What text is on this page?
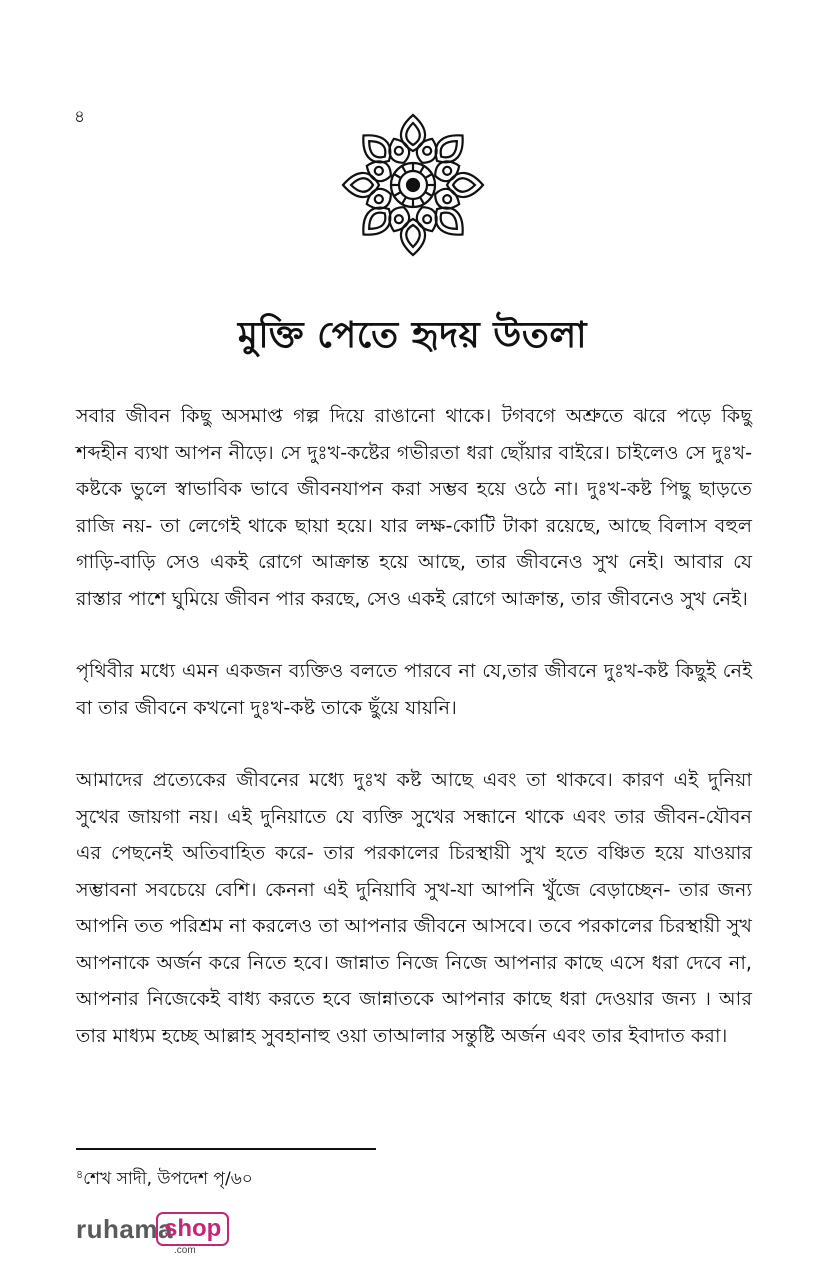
৪
মুক্তি পেতে হৃদয় উতলা

সবার জীবন কিছু অসমাপ্ত গল্প দিয়ে রাঙানো থাকে। টগবগে অশ্রুতে ঝরে পড়ে কিছু শব্দহীন ব্যথা আপন নীড়ে। সে দুঃখ-কষ্টের গভীরতা ধরা ছোঁয়ার বাইরে। চাইলেও সে দুঃখ-কষ্টকে ভুলে স্বাভাবিক ভাবে জীবনযাপন করা সম্ভব হয়ে ওঠে না। দুঃখ-কষ্ট পিছু ছাড়তে রাজি নয়- তা লেগেই থাকে ছায়া হয়ে। যার লক্ষ-কোটি টাকা রয়েছে, আছে বিলাস বহুল গাড়ি-বাড়ি সেও একই রোগে আক্রান্ত হয়ে আছে, তার জীবনেও সুখ নেই। আবার যে রাস্তার পাশে ঘুমিয়ে জীবন পার করছে, সেও একই রোগে আক্রান্ত, তার জীবনেও সুখ নেই।

পৃথিবীর মধ্যে এমন একজন ব্যক্তিও বলতে পারবে না যে,তার জীবনে দুঃখ-কষ্ট কিছুই নেই বা তার জীবনে কখনো দুঃখ-কষ্ট তাকে ছুঁয়ে যায়নি।

আমাদের প্রত্যেকের জীবনের মধ্যে দুঃখ কষ্ট আছে এবং তা থাকবে। কারণ এই দুনিয়া সুখের জায়গা নয়। এই দুনিয়াতে যে ব্যক্তি সুখের সন্ধানে থাকে এবং তার জীবন-যৌবন এর পেছনেই অতিবাহিত করে- তার পরকালের চিরস্থায়ী সুখ হতে বঞ্চিত হয়ে যাওয়ার সম্ভাবনা সবচেয়ে বেশি। কেননা এই দুনিয়াবি সুখ-যা আপনি খুঁজে বেড়াচ্ছেন- তার জন্য আপনি তত পরিশ্রম না করলেও তা আপনার জীবনে আসবে। তবে পরকালের চিরস্থায়ী সুখ আপনাকে অর্জন করে নিতে হবে। জান্নাত নিজে নিজে আপনার কাছে এসে ধরা দেবে না, আপনার নিজেকেই বাধ্য করতে হবে জান্নাতকে আপনার কাছে ধরা দেওয়ার জন্য । আর তার মাধ্যম হচ্ছে আল্লাহ সুবহানাহু ওয়া তাআলার সন্তুষ্টি অর্জন এবং তার ইবাদাত করা।

$^৪$শেখ সাদী, উপদেশ পৃ/৬০
ruhama
shop
.com
